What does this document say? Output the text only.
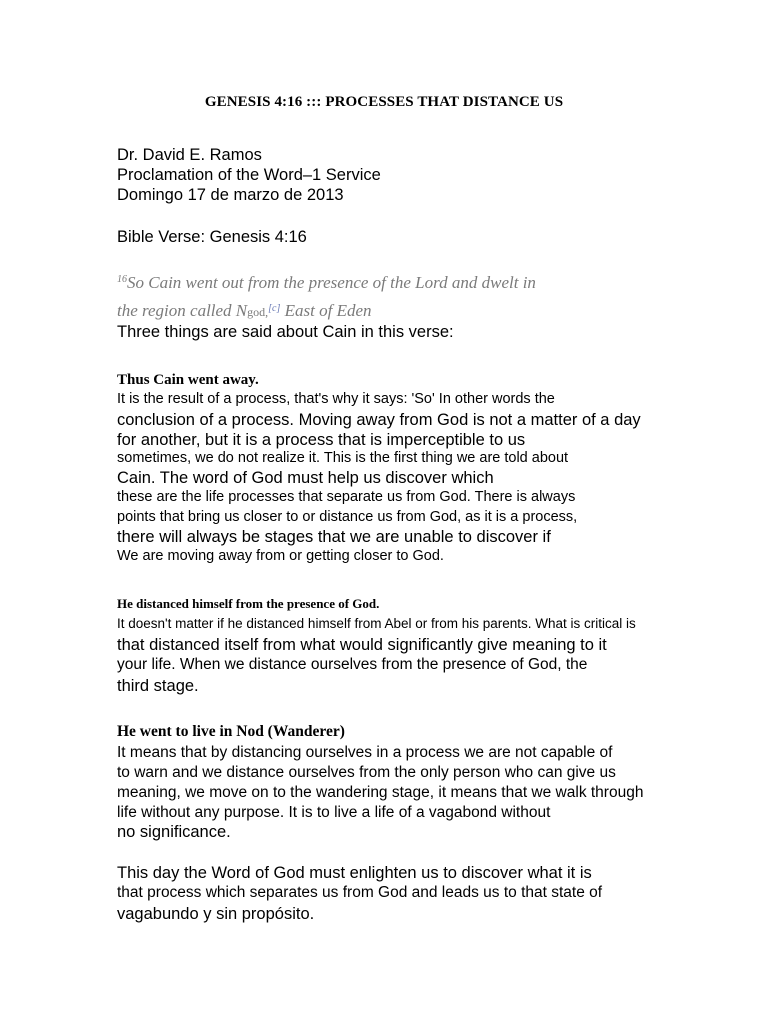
GENESIS 4:16 ::: PROCESSES THAT DISTANCE US
Dr. David E. Ramos
Proclamation of the Word–1 Service
Domingo 17 de marzo de 2013
Bible Verse: Genesis 4:16
$^{16}$So Cain went out from the presence of the Lord and dwelt in
the region called Ngod,[c] East of Eden
Three things are said about Cain in this verse:
Thus Cain went away.
It is the result of a process, that's why it says: 'So' In other words the
conclusion of a process. Moving away from God is not a matter of a day
for another, but it is a process that is imperceptible to us
sometimes, we do not realize it. This is the first thing we are told about
Cain. The word of God must help us discover which
these are the life processes that separate us from God. There is always
points that bring us closer to or distance us from God, as it is a process,
there will always be stages that we are unable to discover if
We are moving away from or getting closer to God.
He distanced himself from the presence of God.
It doesn't matter if he distanced himself from Abel or from his parents. What is critical is
that distanced itself from what would significantly give meaning to it
your life. When we distance ourselves from the presence of God, the
third stage.
He went to live in Nod (Wanderer)
It means that by distancing ourselves in a process we are not capable of
to warn and we distance ourselves from the only person who can give us
meaning, we move on to the wandering stage, it means that we walk through
life without any purpose. It is to live a life of a vagabond without
no significance.
This day the Word of God must enlighten us to discover what it is
that process which separates us from God and leads us to that state of
vagabundo y sin propósito.
